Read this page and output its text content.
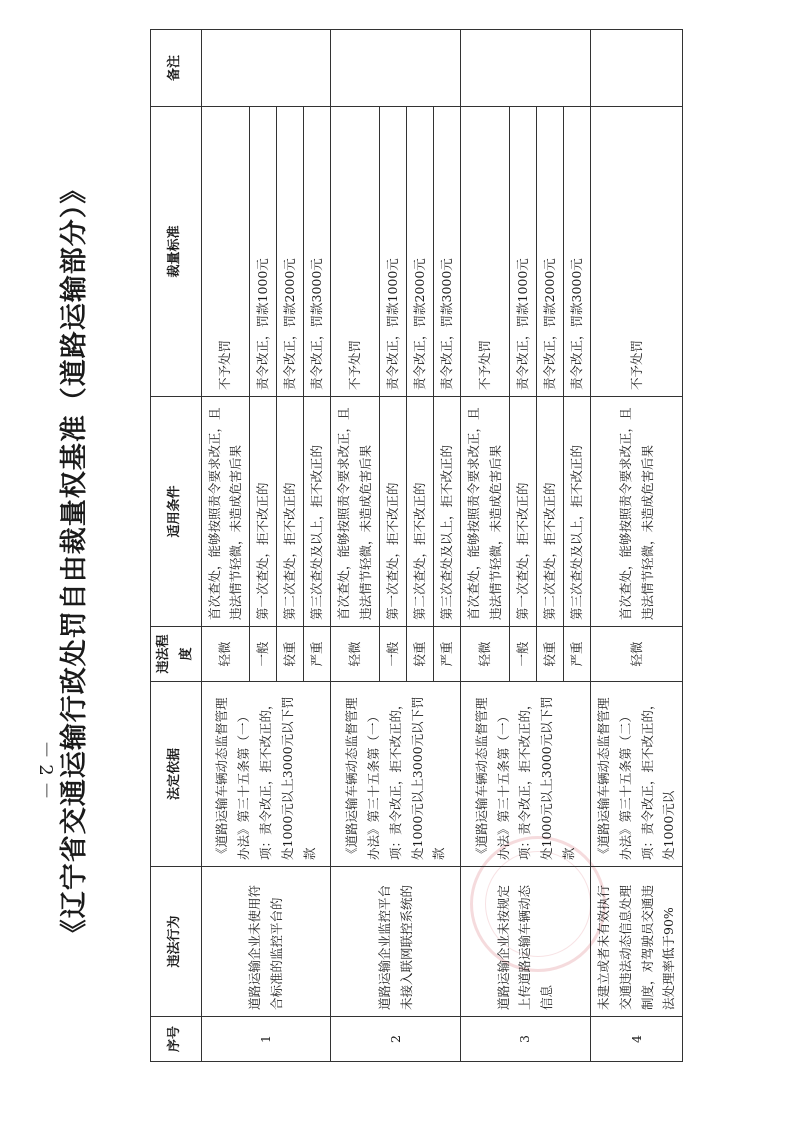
《辽宁省交通运输行政处罚自由裁量权基准（道路运输部分）》
序号	违法行为	法定依据	违法程度	适用条件	裁量标准	备注
1	道路运输企业未使用符合标准的监控平台的	《道路运输车辆动态监督管理办法》第三十五条第（一）项：责令改正，拒不改正的，处1000元以上3000元以下罚款	轻微	首次查处，能够按照责令要求改正，且违法情节轻微，未造成危害后果	不予处罚	
			一般	第一次查处，拒不改正的	责令改正，罚款1000元	
			较重	第二次查处，拒不改正的	责令改正，罚款2000元	
			严重	第三次查处及以上，拒不改正的	责令改正，罚款3000元	
2	道路运输企业监控平台未接入联网联控系统的	《道路运输车辆动态监督管理办法》第三十五条第（一）项：责令改正，拒不改正的，处1000元以上3000元以下罚款	轻微	首次查处，能够按照责令要求改正，且违法情节轻微，未造成危害后果	不予处罚	
			一般	第一次查处，拒不改正的	责令改正，罚款1000元	
			较重	第二次查处，拒不改正的	责令改正，罚款2000元	
			严重	第三次查处及以上，拒不改正的	责令改正，罚款3000元	
3	道路运输企业未按规定上传道路运输车辆动态信息	《道路运输车辆动态监督管理办法》第三十五条第（一）项：责令改正，拒不改正的，处1000元以上3000元以下罚款	轻微	首次查处，能够按照责令要求改正，且违法情节轻微，未造成危害后果	不予处罚	
			一般	第一次查处，拒不改正的	责令改正，罚款1000元	
			较重	第二次查处，拒不改正的	责令改正，罚款2000元	
			严重	第三次查处及以上，拒不改正的	责令改正，罚款3000元	
4	未建立或者未有效执行交通违法动态信息处理制度，对驾驶员交通违法处理率低于90%	《道路运输车辆动态监督管理办法》第三十五条第（二）项：责令改正，拒不改正的，处1000元以	轻微	首次查处，能够按照责令要求改正，且违法情节轻微，未造成危害后果	不予处罚	
－ 2 －
